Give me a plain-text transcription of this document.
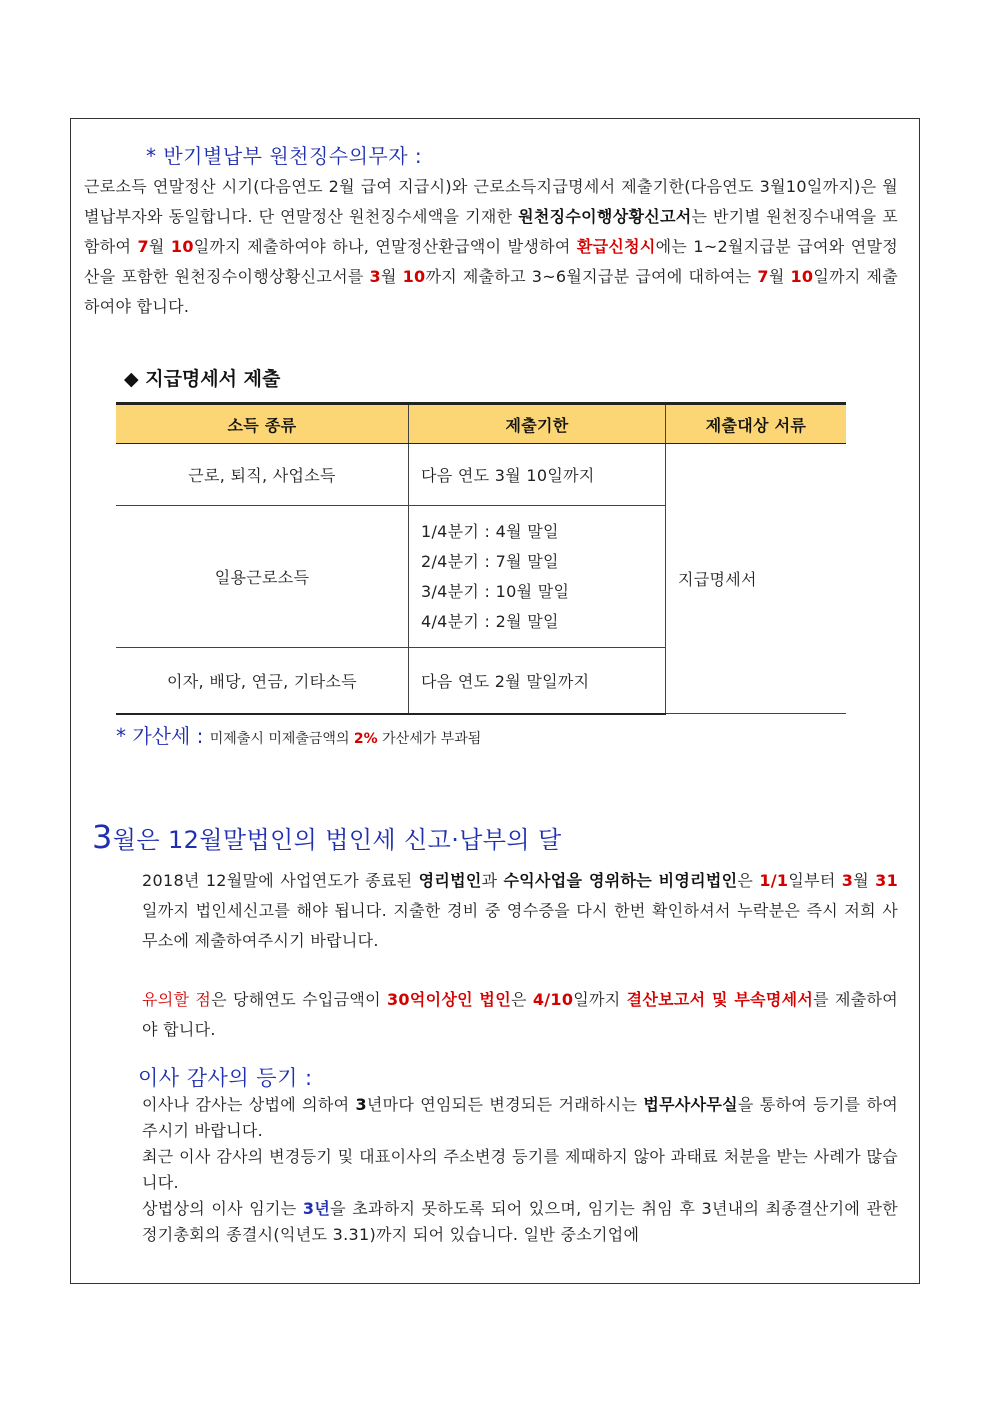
* 반기별납부 원천징수의무자 :
근로소득 연말정산 시기(다음연도 2월 급여 지급시)와 근로소득지급명세서 제출기한(다음연도 3월10일까지)은 월별납부자와 동일합니다. 단 연말정산 원천징수세액을 기재한 원천징수이행상황신고서는 반기별 원천징수내역을 포함하여 7월 10일까지 제출하여야 하나, 연말정산환급액이 발생하여 환급신청시에는 1~2월지급분 급여와 연말정산을 포함한 원천징수이행상황신고서를 3월 10까지 제출하고 3~6월지급분 급여에 대하여는 7월 10일까지 제출하여야 합니다.
◆ 지급명세서 제출
소득 종류	제출기한	제출대상 서류
근로, 퇴직, 사업소득	다음 연도 3월 10일까지	지급명세서
일용근로소득	1/4분기 : 4월 말일
2/4분기 : 7월 말일
3/4분기 : 10월 말일
4/4분기 : 2월 말일	

이자, 배당, 연금, 기타소득	다음 연도 2월 말일까지	
* 가산세 : 미제출시 미제출금액의 2% 가산세가 부과됨
3월은 12월말법인의 법인세 신고·납부의 달
2018년 12월말에 사업연도가 종료된 영리법인과 수익사업을 영위하는 비영리법인은 1/1일부터 3월 31일까지 법인세신고를 해야 됩니다. 지출한 경비 중 영수증을 다시 한번 확인하셔서 누락분은 즉시 저희 사무소에 제출하여주시기 바랍니다.
유의할 점은 당해연도 수입금액이 30억이상인 법인은 4/10일까지 결산보고서 및 부속명세서를 제출하여야 합니다.
이사 감사의 등기 :
이사나 감사는 상법에 의하여 3년마다 연임되든 변경되든 거래하시는 법무사사무실을 통하여 등기를 하여 주시기 바랍니다.
최근 이사 감사의 변경등기 및 대표이사의 주소변경 등기를 제때하지 않아 과태료 처분을 받는 사례가 많습니다.
상법상의 이사 임기는 3년을 초과하지 못하도록 되어 있으며, 임기는 취임 후 3년내의 최종결산기에 관한 정기총회의 종결시(익년도 3.31)까지 되어 있습니다. 일반 중소기업에
